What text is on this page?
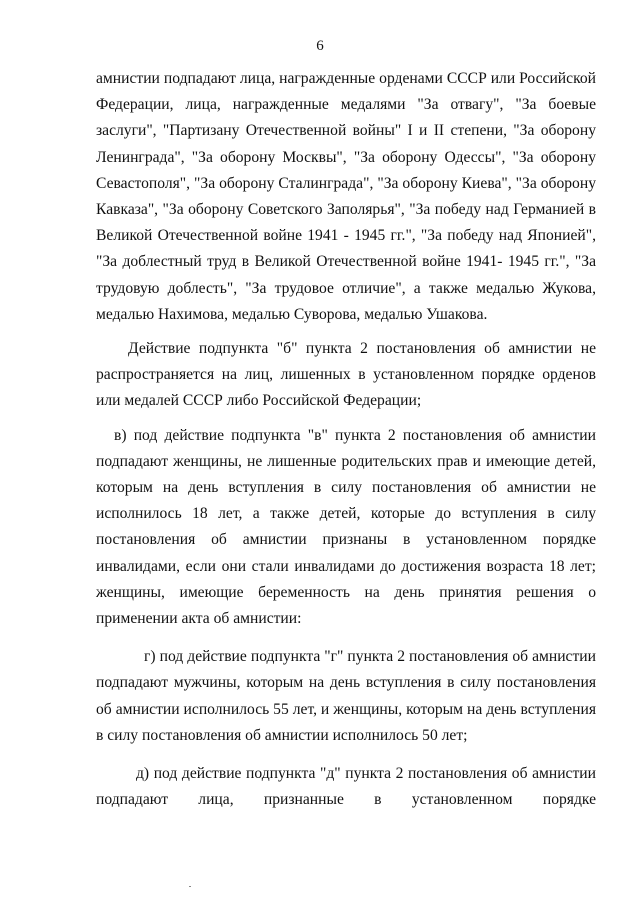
6

амнистии подпадают лица, награжденные орденами СССР или Российской Федерации, лица, награжденные медалями "За отвагу", "За боевые заслуги", "Партизану Отечественной войны" I и II степени, "За оборону Ленинграда", "За оборону Москвы", "За оборону Одессы", "За оборону Севастополя", "За оборону Сталинграда", "За оборону Киева", "За оборону Кавказа", "За оборону Советского Заполярья", "За победу над Германией в Великой Отечественной войне 1941 - 1945 гг.", "За победу над Японией", "За доблестный труд в Великой Отечественной войне 1941- 1945 гг.", "За трудовую доблесть", "За трудовое отличие", а также медалью Жукова, медалью Нахимова, медалью Суворова, медалью Ушакова.

Действие подпункта "б" пункта 2 постановления об амнистии не распространяется на лиц, лишенных в установленном порядке орденов или медалей СССР либо Российской Федерации;

в) под действие подпункта "в" пункта 2 постановления об амнистии подпадают женщины, не лишенные родительских прав и имеющие детей, которым на день вступления в силу постановления об амнистии не исполнилось 18 лет, а также детей, которые до вступления в силу постановления об амнистии признаны в установленном порядке инвалидами, если они стали инвалидами до достижения возраста 18 лет; женщины, имеющие беременность на день принятия решения о применении акта об амнистии:

г) под действие подпункта "г" пункта 2 постановления об амнистии подпадают мужчины, которым на день вступления в силу постановления об амнистии исполнилось 55 лет, и женщины, которым на день вступления в силу постановления об амнистии исполнилось 50 лет;

д) под действие подпункта "д" пункта 2 постановления об амнистии подпадают лица, признанные в установленном порядке
